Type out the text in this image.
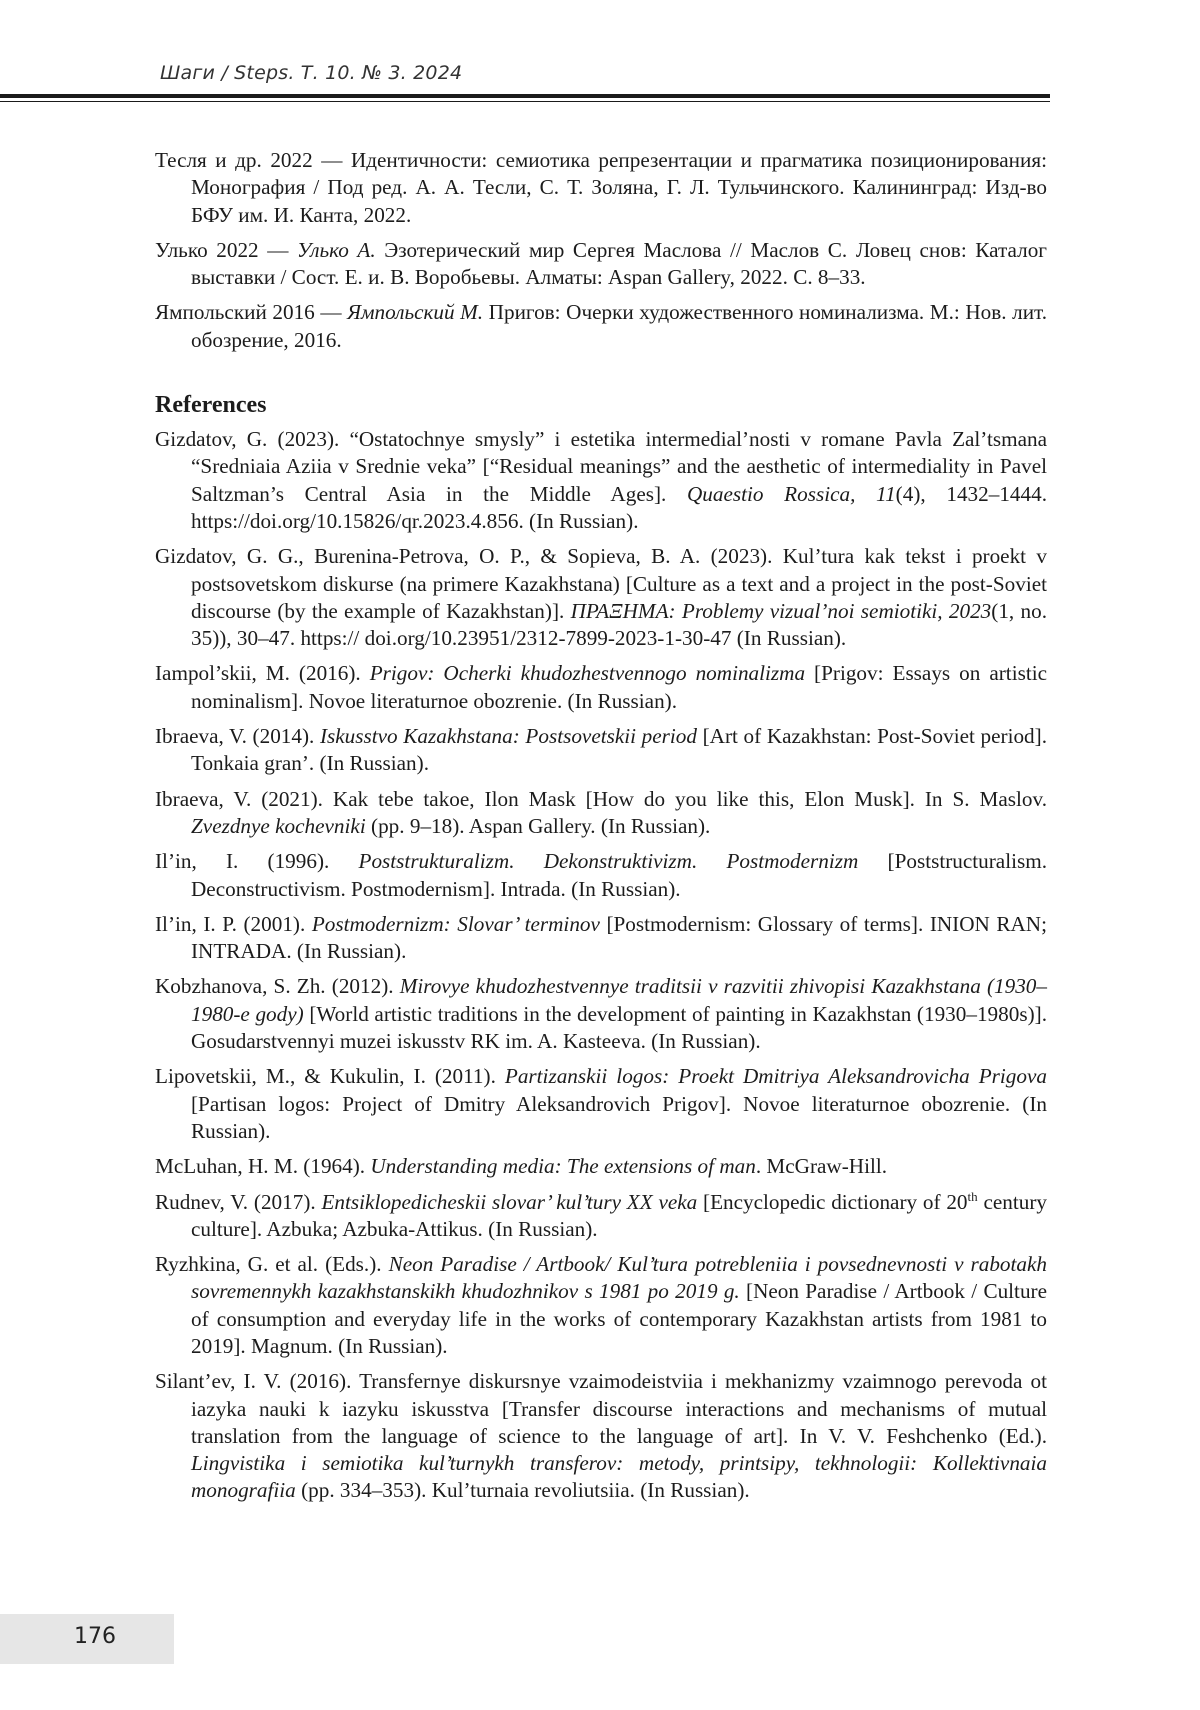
Шаги / Steps. Т. 10. № 3. 2024

Тесля и др. 2022 — Идентичности: семиотика репрезентации и прагматика позиционирования: Монография / Под ред. А. А. Тесли, С. Т. Золяна, Г. Л. Тульчинского. Калининград: Изд-во БФУ им. И. Канта, 2022.

Улько 2022 — Улько А. Эзотерический мир Сергея Маслова // Маслов С. Ловец снов: Каталог выставки / Сост. Е. и. В. Воробьевы. Алматы: Aspan Gallery, 2022. С. 8–33.

Ямпольский 2016 — Ямпольский М. Пригов: Очерки художественного номинализма. М.: Нов. лит. обозрение, 2016.

References

Gizdatov, G. (2023). “Ostatochnye smysly” i estetika intermedial’nosti v romane Pavla Zal’tsmana “Sredniaia Aziia v Srednie veka” [“Residual meanings” and the aesthetic of intermediality in Pavel Saltzman’s Central Asia in the Middle Ages]. Quaestio Rossica, 11(4), 1432–1444. https://doi.org/10.15826/qr.2023.4.856. (In Russian).

Gizdatov, G. G., Burenina-Petrova, O. P., & Sopieva, B. A. (2023). Kul’tura kak tekst i proekt v postsovetskom diskurse (na primere Kazakhstana) [Culture as a text and a project in the post-Soviet discourse (by the example of Kazakhstan)]. ΠΡΑΞΗΜΑ: Problemy vizual’noi semiotiki, 2023(1, no. 35)), 30–47. https:// doi.org/10.23951/2312-7899-2023-1-30-47 (In Russian).

Iampol’skii, M. (2016). Prigov: Ocherki khudozhestvennogo nominalizma [Prigov: Essays on artistic nominalism]. Novoe literaturnoe obozrenie. (In Russian).

Ibraeva, V. (2014). Iskusstvo Kazakhstana: Postsovetskii period [Art of Kazakhstan: Post-Soviet period]. Tonkaia gran’. (In Russian).

Ibraeva, V. (2021). Kak tebe takoe, Ilon Mask [How do you like this, Elon Musk]. In S. Maslov. Zvezdnye kochevniki (pp. 9–18). Aspan Gallery. (In Russian).

Il’in, I. (1996). Poststrukturalizm. Dekonstruktivizm. Postmodernizm [Poststructuralism. Deconstructivism. Postmodernism]. Intrada. (In Russian).

Il’in, I. P. (2001). Postmodernizm: Slovar’ terminov [Postmodernism: Glossary of terms]. INION RAN; INTRADA. (In Russian).

Kobzhanova, S. Zh. (2012). Mirovye khudozhestvennye traditsii v razvitii zhivopisi Kazakhstana (1930–1980-e gody) [World artistic traditions in the development of painting in Kazakhstan (1930–1980s)]. Gosudarstvennyi muzei iskusstv RK im. A. Kasteeva. (In Russian).

Lipovetskii, M., & Kukulin, I. (2011). Partizanskii logos: Proekt Dmitriya Aleksandrovicha Prigova [Partisan logos: Project of Dmitry Aleksandrovich Prigov]. Novoe literaturnoe obozrenie. (In Russian).

McLuhan, H. M. (1964). Understanding media: The extensions of man. McGraw-Hill.

Rudnev, V. (2017). Entsiklopedicheskii slovar’ kul’tury XX veka [Encyclopedic dictionary of 20th century culture]. Azbuka; Azbuka-Attikus. (In Russian).

Ryzhkina, G. et al. (Eds.). Neon Paradise / Artbook/ Kul’tura potrebleniia i povsednevnosti v rabotakh sovremennykh kazakhstanskikh khudozhnikov s 1981 po 2019 g. [Neon Paradise / Artbook / Culture of consumption and everyday life in the works of contemporary Kazakhstan artists from 1981 to 2019]. Magnum. (In Russian).

Silant’ev, I. V. (2016). Transfernye diskursnye vzaimodeistviia i mekhanizmy vzaimnogo perevoda ot iazyka nauki k iazyku iskusstva [Transfer discourse interactions and mechanisms of mutual translation from the language of science to the language of art]. In V. V. Feshchenko (Ed.). Lingvistika i semiotika kul’turnykh transferov: metody, printsipy, tekhnologii: Kollektivnaia monografiia (pp. 334–353). Kul’turnaia revoliutsiia. (In Russian).

176
